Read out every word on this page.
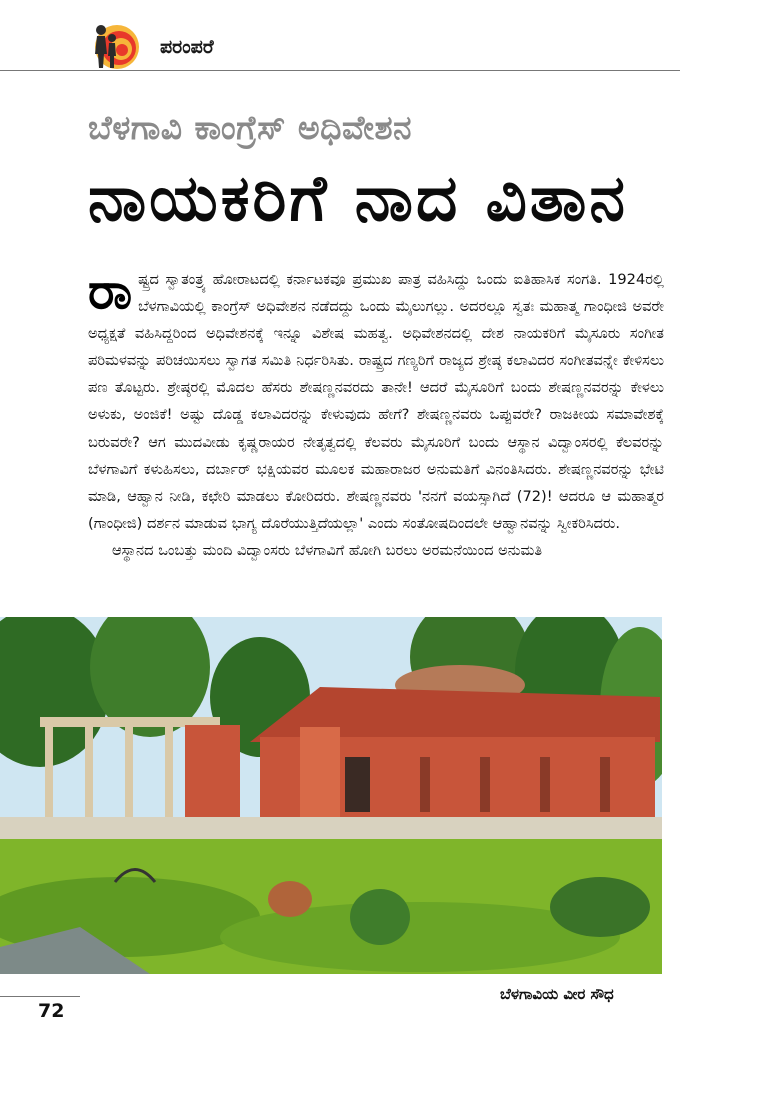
ಪರಂಪರೆ
ಬೆಳಗಾವಿ ಕಾಂಗ್ರೆಸ್ ಅಧಿವೇಶನ
ನಾಯಕರಿಗೆ ನಾದ ವಿತಾನ

ರಾಷ್ಟ್ರದ ಸ್ವಾತಂತ್ರ್ಯ ಹೋರಾಟದಲ್ಲಿ ಕರ್ನಾಟಕವೂ ಪ್ರಮುಖ ಪಾತ್ರ ವಹಿಸಿದ್ದು ಒಂದು ಐತಿಹಾಸಿಕ ಸಂಗತಿ. 1924ರಲ್ಲಿ ಬೆಳಗಾವಿಯಲ್ಲಿ ಕಾಂಗ್ರೆಸ್ ಅಧಿವೇಶನ ನಡೆದದ್ದು ಒಂದು ಮೈಲುಗಲ್ಲು. ಅದರಲ್ಲೂ ಸ್ವತಃ ಮಹಾತ್ಮ ಗಾಂಧೀಜಿ ಅವರೇ ಅಧ್ಯಕ್ಷತೆ ವಹಿಸಿದ್ದರಿಂದ ಅಧಿವೇಶನಕ್ಕೆ ಇನ್ನೂ ವಿಶೇಷ ಮಹತ್ವ. ಅಧಿವೇಶನದಲ್ಲಿ ದೇಶ ನಾಯಕರಿಗೆ ಮೈಸೂರು ಸಂಗೀತ ಪರಿಮಳವನ್ನು ಪರಿಚಯಿಸಲು ಸ್ವಾಗತ ಸಮಿತಿ ನಿರ್ಧರಿಸಿತು. ರಾಷ್ಟ್ರದ ಗಣ್ಯರಿಗೆ ರಾಜ್ಯದ ಶ್ರೇಷ್ಠ ಕಲಾವಿದರ ಸಂಗೀತವನ್ನೇ ಕೇಳಿಸಲು ಪಣ ತೊಟ್ಟರು. ಶ್ರೇಷ್ಠರಲ್ಲಿ ಮೊದಲ ಹೆಸರು ಶೇಷಣ್ಣನವರದು ತಾನೇ! ಆದರೆ ಮೈಸೂರಿಗೆ ಬಂದು ಶೇಷಣ್ಣನವರನ್ನು ಕೇಳಲು ಅಳುಕು, ಅಂಜಿಕೆ! ಅಷ್ಟು ದೊಡ್ಡ ಕಲಾವಿದರನ್ನು ಕೇಳುವುದು ಹೇಗೆ? ಶೇಷಣ್ಣನವರು ಒಪ್ಪುವರೇ? ರಾಜಕೀಯ ಸಮಾವೇಶಕ್ಕೆ ಬರುವರೇ? ಆಗ ಮುದವೀಡು ಕೃಷ್ಣರಾಯರ ನೇತೃತ್ವದಲ್ಲಿ ಕೆಲವರು ಮೈಸೂರಿಗೆ ಬಂದು ಆಸ್ಥಾನ ವಿದ್ವಾಂಸರಲ್ಲಿ ಕೆಲವರನ್ನು ಬೆಳಗಾವಿಗೆ ಕಳುಹಿಸಲು, ದರ್ಬಾರ್ ಭಕ್ಷಿಯವರ ಮೂಲಕ ಮಹಾರಾಜರ ಅನುಮತಿಗೆ ವಿನಂತಿಸಿದರು. ಶೇಷಣ್ಣನವರನ್ನು ಭೇಟಿ ಮಾಡಿ, ಆಹ್ವಾನ ನೀಡಿ, ಕಛೇರಿ ಮಾಡಲು ಕೋರಿದರು. ಶೇಷಣ್ಣನವರು 'ನನಗೆ ವಯಸ್ಸಾಗಿದೆ (72)! ಆದರೂ ಆ ಮಹಾತ್ಮರ (ಗಾಂಧೀಜಿ) ದರ್ಶನ ಮಾಡುವ ಭಾಗ್ಯ ದೊರೆಯುತ್ತಿದೆಯಲ್ಲಾ' ಎಂದು ಸಂತೋಷದಿಂದಲೇ ಆಹ್ವಾನವನ್ನು ಸ್ವೀಕರಿಸಿದರು.

ಆಸ್ಥಾನದ ಒಂಬತ್ತು ಮಂದಿ ವಿದ್ವಾಂಸರು ಬೆಳಗಾವಿಗೆ ಹೋಗಿ ಬರಲು ಅರಮನೆಯಿಂದ ಅನುಮತಿ

ಬೆಳಗಾವಿಯ ವೀರ ಸೌಧ
72
